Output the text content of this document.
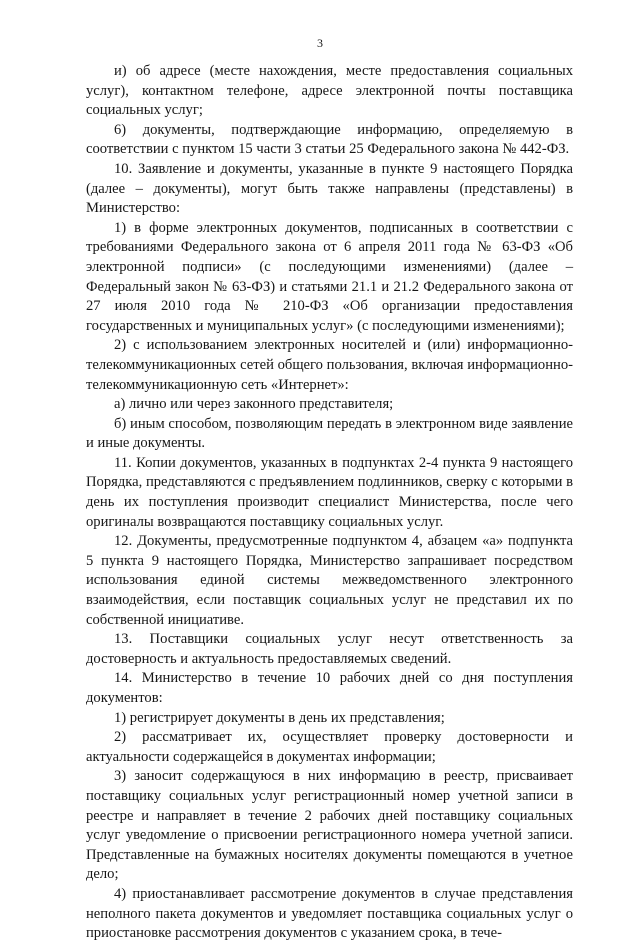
3

и) об адресе (месте нахождения, месте предоставления социальных услуг), контактном телефоне, адресе электронной почты поставщика социальных услуг;

6) документы, подтверждающие информацию, определяемую в соответствии с пунктом 15 части 3 статьи 25 Федерального закона № 442-ФЗ.

10. Заявление и документы, указанные в пункте 9 настоящего Порядка (далее – документы), могут быть также направлены (представлены) в Министерство:

1) в форме электронных документов, подписанных в соответствии с требованиями Федерального закона от 6 апреля 2011 года № 63-ФЗ «Об электронной подписи» (с последующими изменениями) (далее – Федеральный закон № 63-ФЗ) и статьями 21.1 и 21.2 Федерального закона от 27 июля 2010 года № 210-ФЗ «Об организации предоставления государственных и муниципальных услуг» (с последующими изменениями);

2) с использованием электронных носителей и (или) информационно-телекоммуникационных сетей общего пользования, включая информационно-телекоммуникационную сеть «Интернет»:

а) лично или через законного представителя;

б) иным способом, позволяющим передать в электронном виде заявление и иные документы.

11. Копии документов, указанных в подпунктах 2-4 пункта 9 настоящего Порядка, представляются с предъявлением подлинников, сверку с которыми в день их поступления производит специалист Министерства, после чего оригиналы возвращаются поставщику социальных услуг.

12. Документы, предусмотренные подпунктом 4, абзацем «а» подпункта 5 пункта 9 настоящего Порядка, Министерство запрашивает посредством использования единой системы межведомственного электронного взаимодействия, если поставщик социальных услуг не представил их по собственной инициативе.

13. Поставщики социальных услуг несут ответственность за достоверность и актуальность предоставляемых сведений.

14. Министерство в течение 10 рабочих дней со дня поступления документов:

1) регистрирует документы в день их представления;

2) рассматривает их, осуществляет проверку достоверности и актуальности содержащейся в документах информации;

3) заносит содержащуюся в них информацию в реестр, присваивает поставщику социальных услуг регистрационный номер учетной записи в реестре и направляет в течение 2 рабочих дней поставщику социальных услуг уведомление о присвоении регистрационного номера учетной записи. Представленные на бумажных носителях документы помещаются в учетное дело;

4) приостанавливает рассмотрение документов в случае представления неполного пакета документов и уведомляет поставщика социальных услуг о приостановке рассмотрения документов с указанием срока, в тече-
